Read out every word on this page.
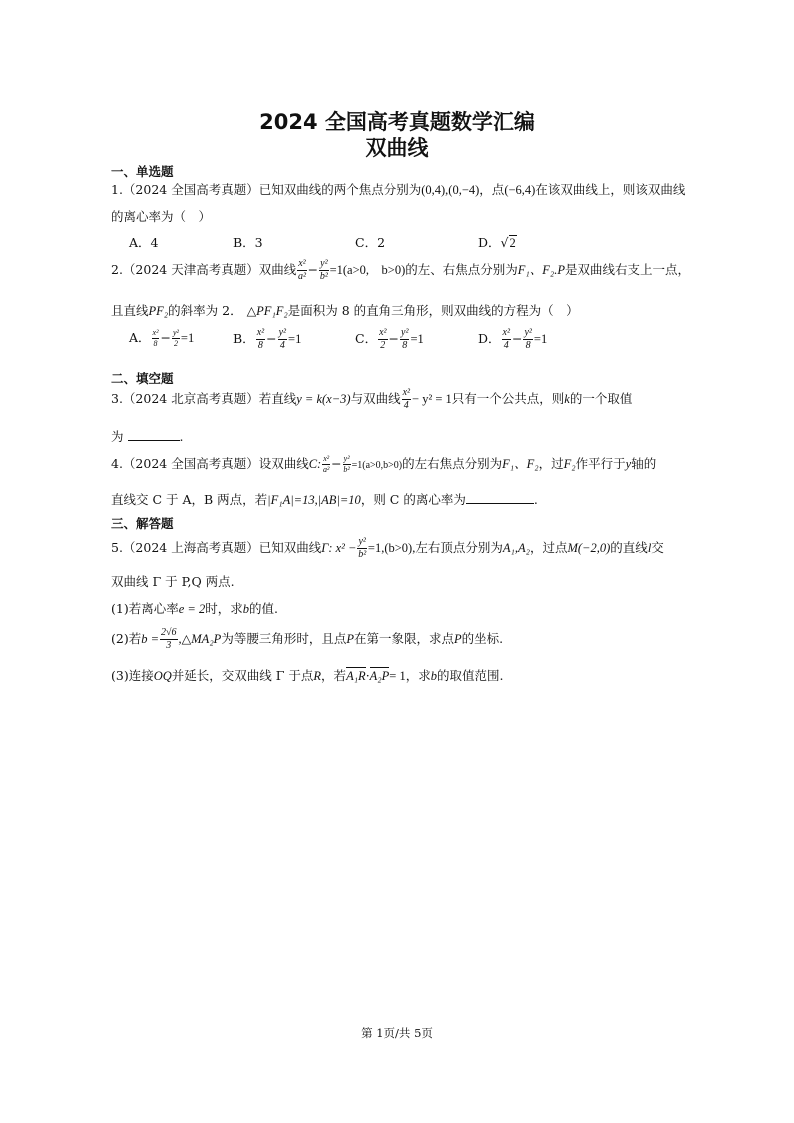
2024 全国高考真题数学汇编
双曲线
一、单选题
1.（2024 全国高考真题）已知双曲线的两个焦点分别为(0,4),(0,−4)，点(−6,4)在该双曲线上，则该双曲线
的离心率为（　）
A．4	B．3	C．2	D．√2
2.（2024 天津高考真题）双曲线 $\frac{\text{x²}}{\text{a²}} - \frac{\text{y²}}{\text{b²}} =1(a>0$,　b>0)的左、右焦点分别为F₁、F₂.P是双曲线右支上一点，
且直线PF₂的斜率为 2． △PF₁F₂是面积为 8 的直角三角形，则双曲线的方程为（　）
A． $\frac{\text{x²}}{8} - \frac{\text{y²}}{2} =1$	B． $\frac{\text{x²}}{8} - \frac{\text{y²}}{4} =1$	C． $\frac{\text{x²}}{2} - \frac{\text{y²}}{8} =1$	D． $\frac{\text{x²}}{4} - \frac{\text{y²}}{8} =1$
二、填空题
3.（2024 北京高考真题）若直线y = k(x−3)与双曲线 $\frac{\text{x²}}{4} - y^2 = 1$只有一个公共点，则k的一个取值
为	.
4.（2024 全国高考真题）设双曲线C: $\frac{\text{x²}}{\text{a²}} - \frac{\text{y²}}{\text{b²}} =1(a>0,b>0)$的左右焦点分别为F₁、F₂，过F₂作平行于y轴的
直线交 C 于 A，B 两点，若|F₁A|=13,|AB|=10，则 C 的离心率为	.
三、解答题
5.（2024 上海高考真题）已知双曲线Γ: $x^2 - \frac{\text{y²}}{\text{b²}} =1,(b>0)$,左右顶点分别为A₁,A₂，过点M(−2,0)的直线l交
双曲线 Γ 于 P,Q 两点.
(1)若离心率e = 2时，求b的值.
(2)若$b = \frac{2√6}{3}$ ,△MA₂P为等腰三角形时，且点P在第一象限，求点P的坐标.
(3)连接OQ并延长，交双曲线 Γ 于点R，若A₁R·A₂P= 1，求b的取值范围.
第 1页/共 5页
